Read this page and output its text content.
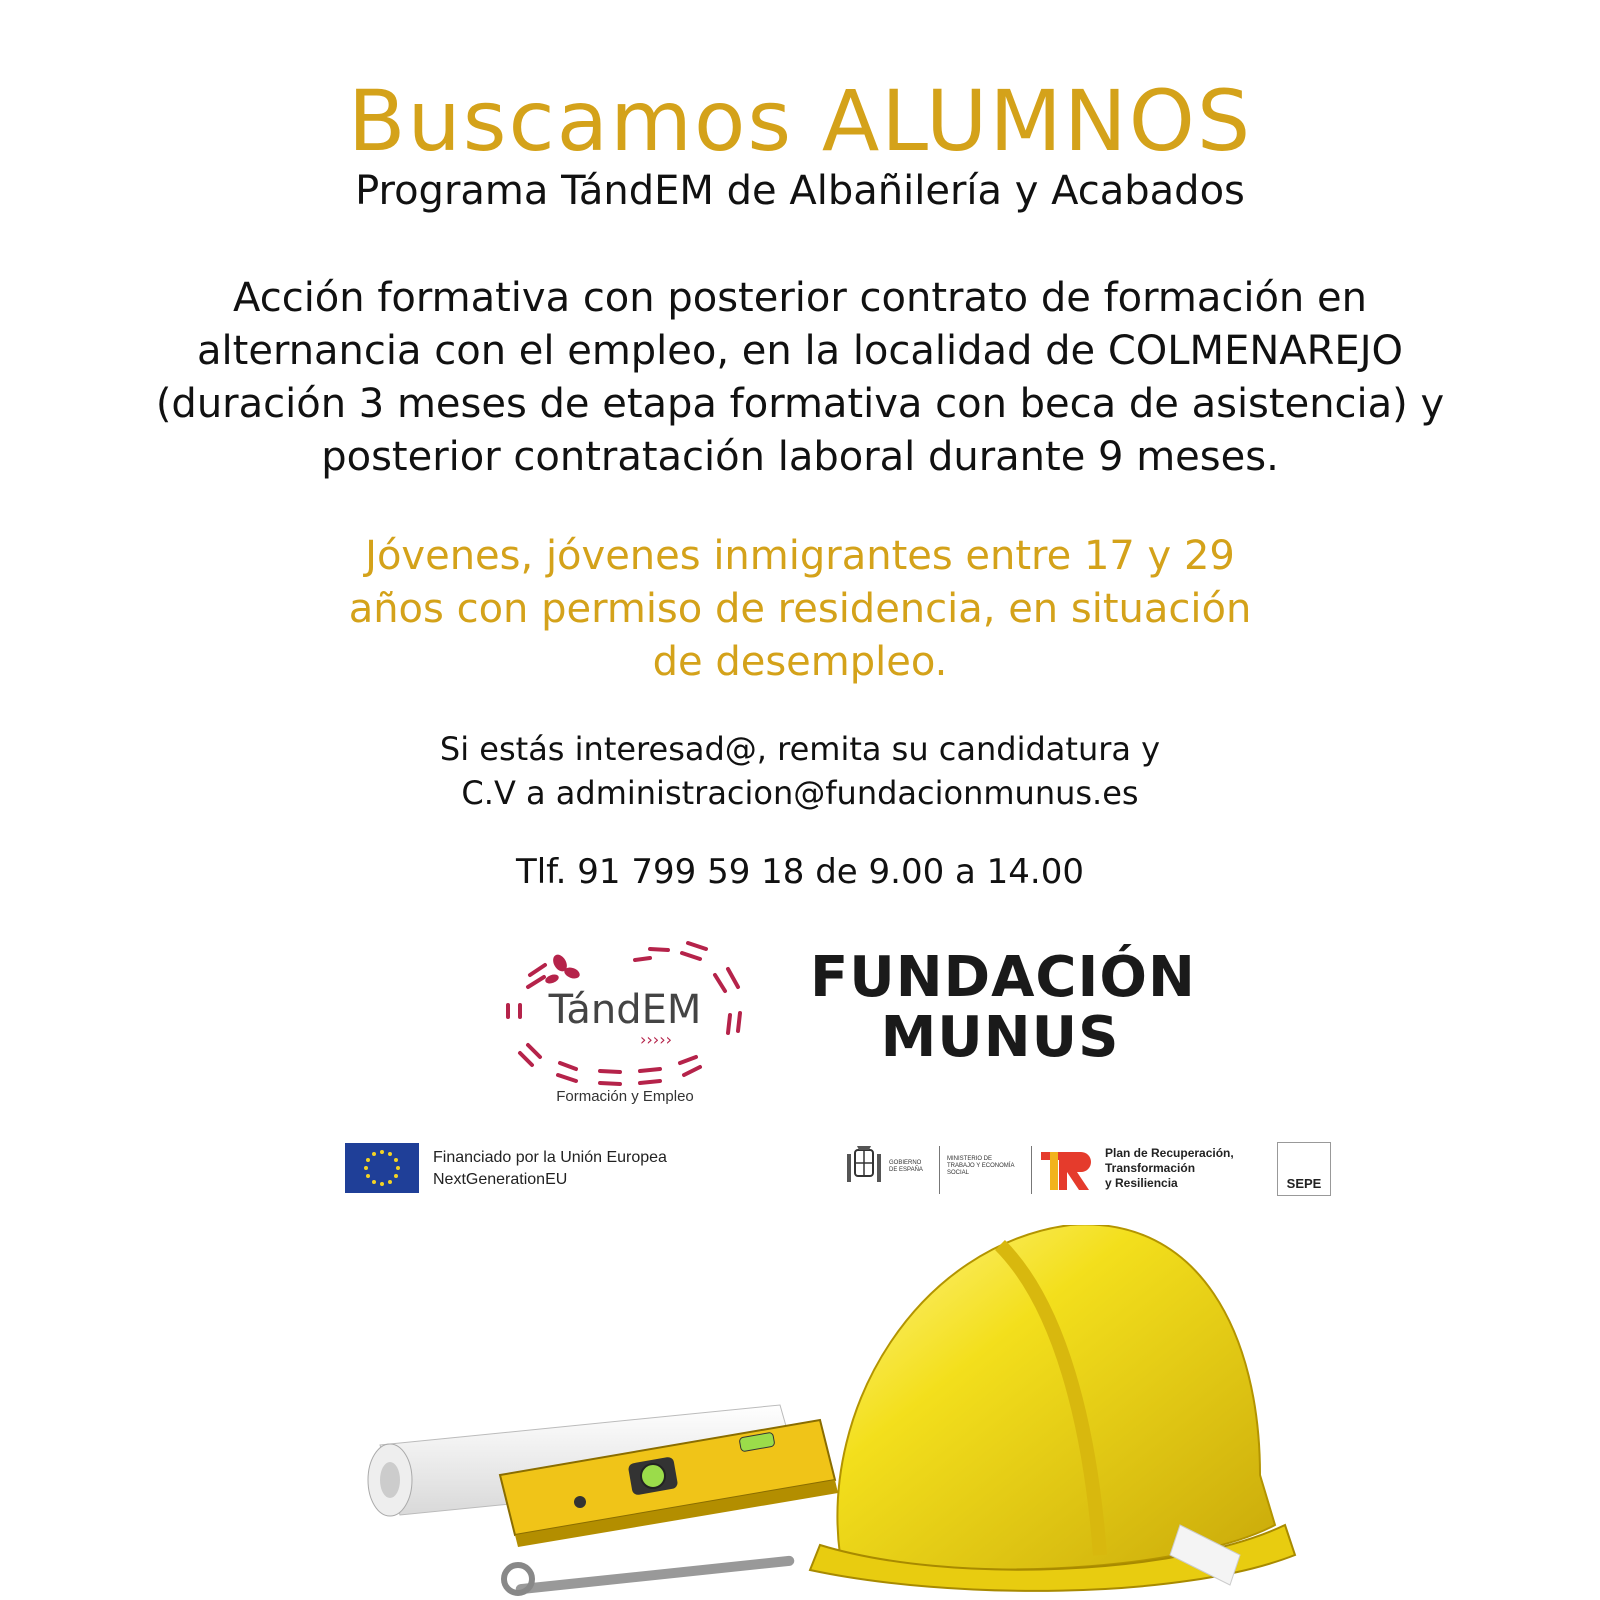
Buscamos ALUMNOS
Programa TándEM de Albañilería y Acabados
Acción formativa con posterior contrato de formación en alternancia con el empleo, en la localidad de COLMENAREJO (duración 3 meses de etapa formativa con beca de asistencia) y posterior contratación laboral durante 9 meses.
Jóvenes, jóvenes inmigrantes entre 17 y 29 años con permiso de residencia, en situación de desempleo.
Si estás interesad@, remita su candidatura y
C.V a administracion@fundacionmunus.es
Tlf. 91 799 59 18 de 9.00 a 14.00
TándEM
›››››
Formación y Empleo
FUNDACIÓN
MUNUS
Financiado por la Unión Europea
NextGenerationEU
GOBIERNO DE ESPAÑA
MINISTERIO DE TRABAJO Y ECONOMÍA SOCIAL
Plan de Recuperación,
Transformación
y Resiliencia	SEPE
